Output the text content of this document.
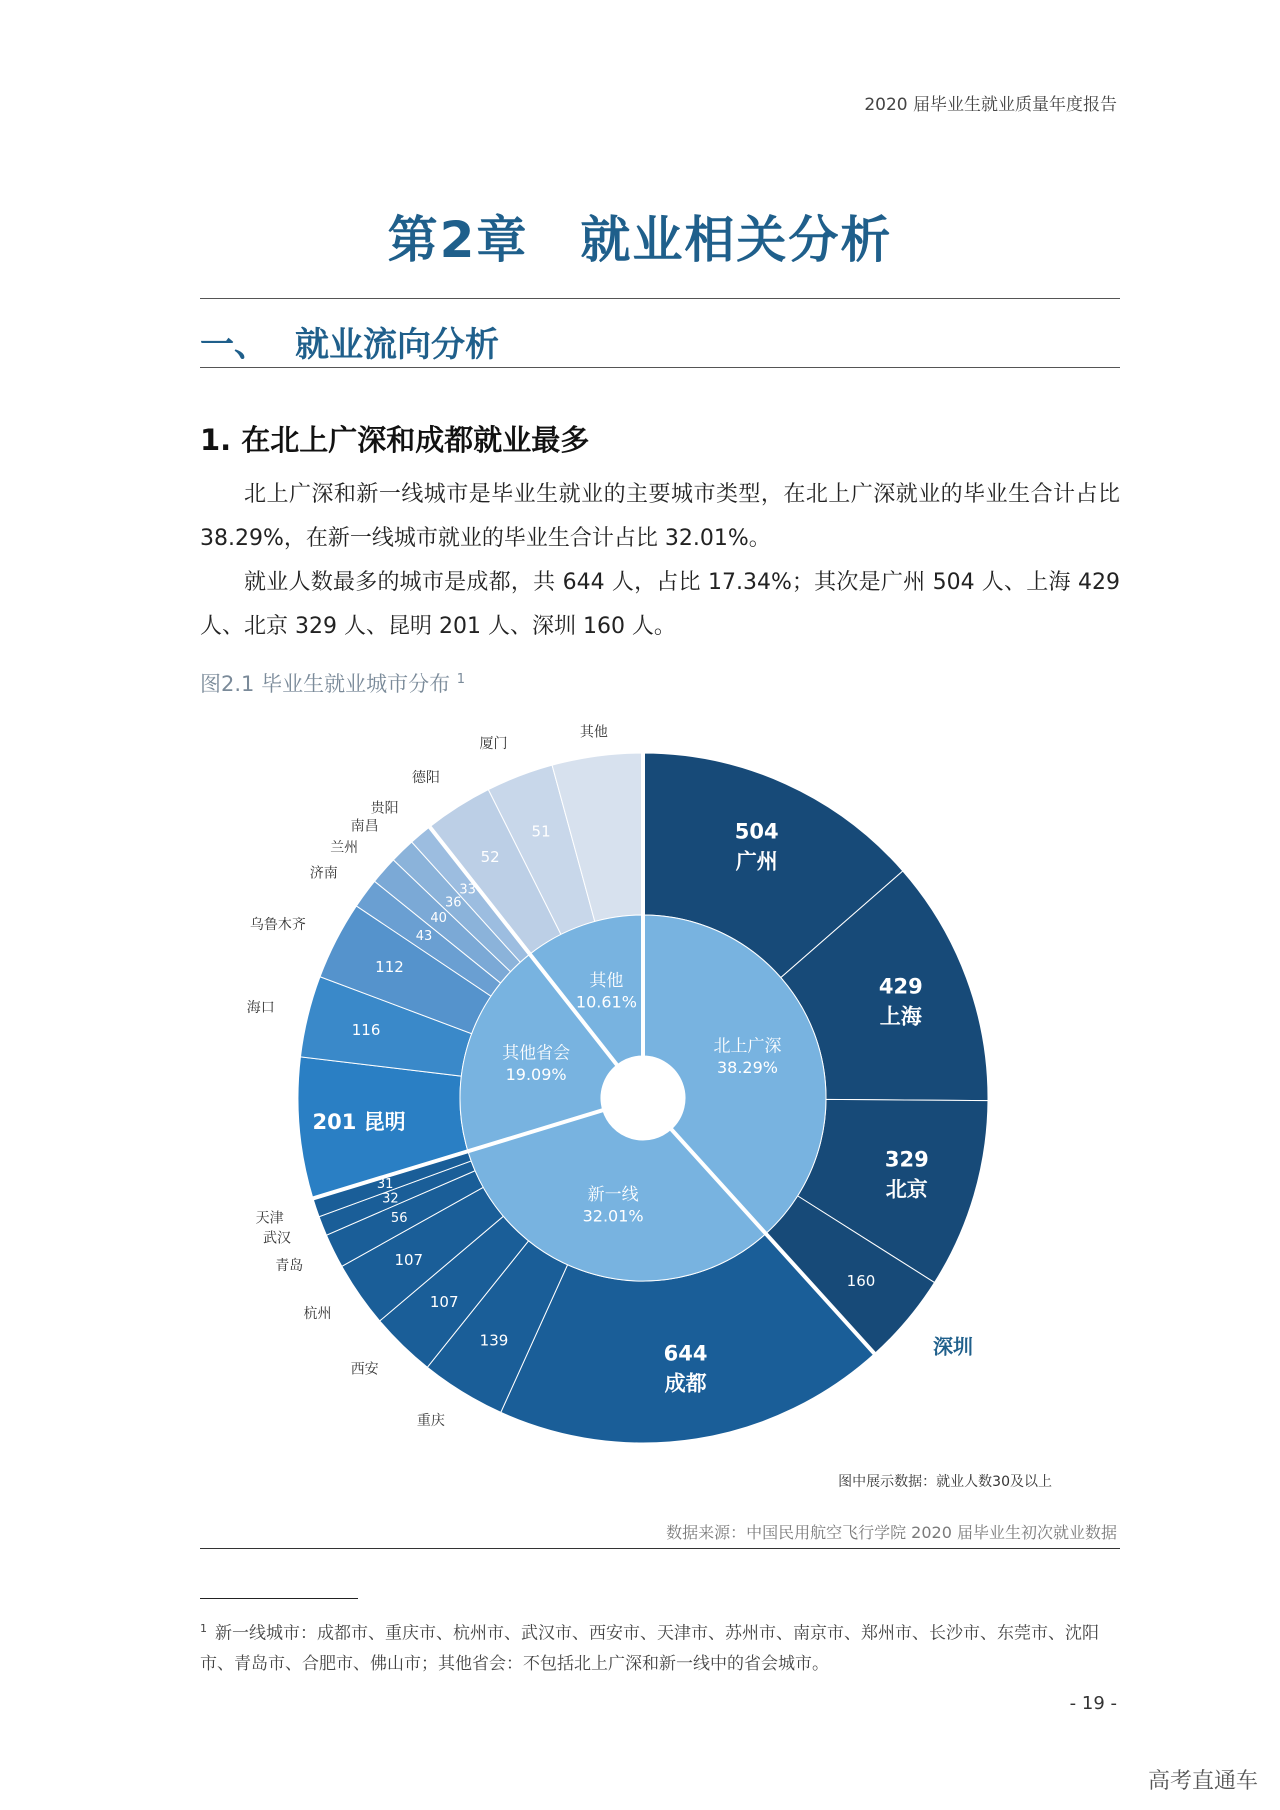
2020 届毕业生就业质量年度报告
第2章　就业相关分析
一、 就业流向分析
1. 在北上广深和成都就业最多
北上广深和新一线城市是毕业生就业的主要城市类型，在北上广深就业的毕业生合计占比 38.29%，在新一线城市就业的毕业生合计占比 32.01%。
就业人数最多的城市是成都，共 644 人，占比 17.34%；其次是广州 504 人、上海 429 人、北京 329 人、昆明 201 人、深圳 160 人。
图2.1 毕业生就业城市分布 $^1$
北上广深
38.29%
新一线
32.01%
其他省会
19.09%
其他
10.61%
504
广州
429
上海
329
北京
160
深圳
644
成都
139
重庆
107
西安
107
杭州
56
青岛
32
武汉
31
天津
201 昆明
116
海口
112
乌鲁木齐
43
济南
40
兰州
36
南昌
33
贵阳
52
德阳
51
厦门
其他
图中展示数据：就业人数30及以上
数据来源：中国民用航空飞行学院 2020 届毕业生初次就业数据
$^1$ 新一线城市：成都市、重庆市、杭州市、武汉市、西安市、天津市、苏州市、南京市、郑州市、长沙市、东莞市、沈阳市、青岛市、合肥市、佛山市；其他省会：不包括北上广深和新一线中的省会城市。
- 19 -
高考直通车
